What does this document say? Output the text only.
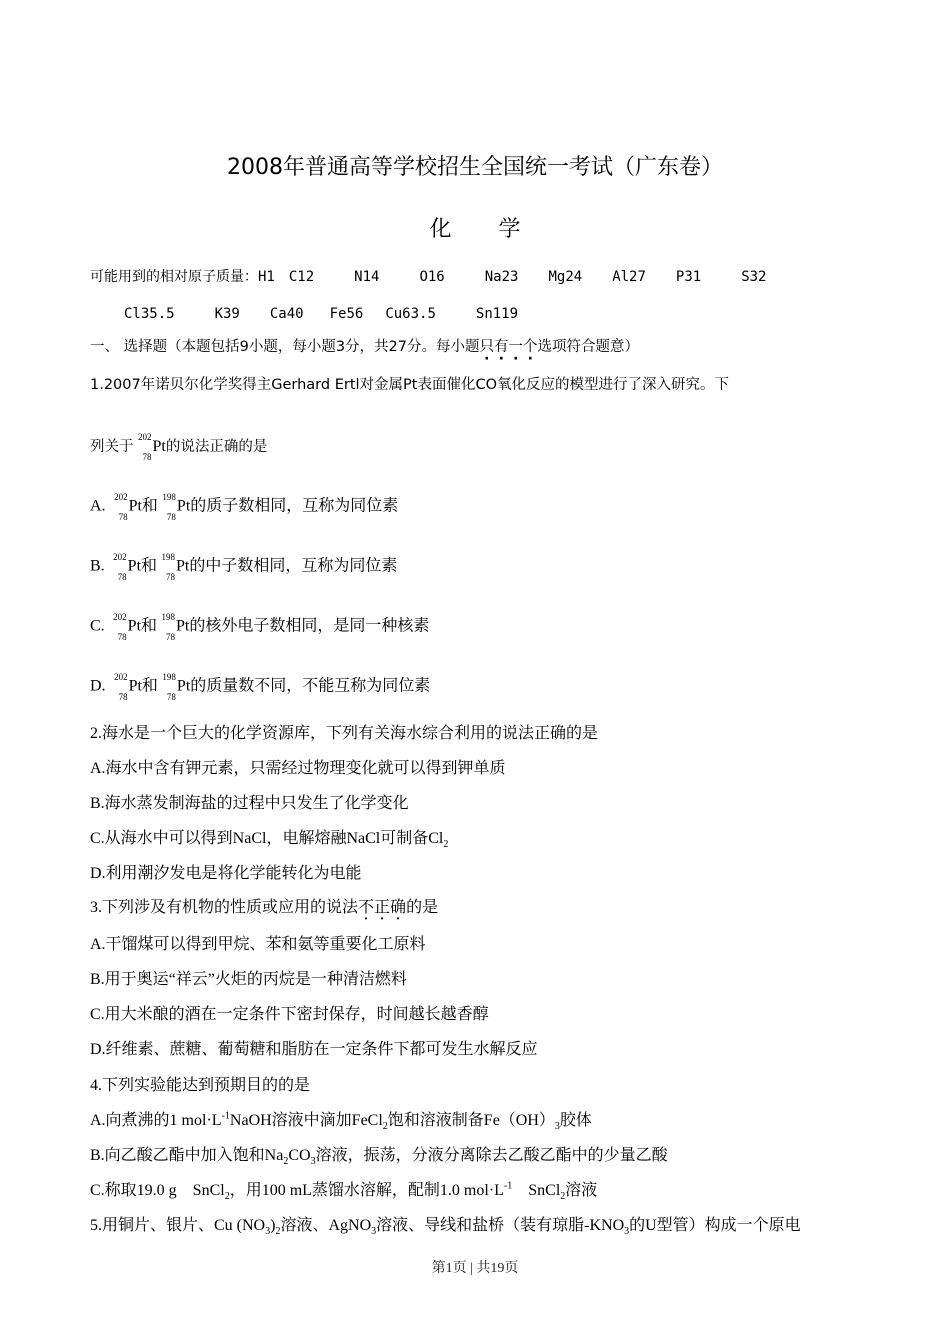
2008年普通高等学校招生全国统一考试（广东卷）
化 学
可能用到的相对原子质量：H1 C12	N14	O16	Na23 Mg24 Al27 P31	S32
Cl35.5	K39 Ca40 Fe56 Cu63.5	Sn119
一、 选择题（本题包括9小题，每小题3分，共27分。每小题只有一个选项符合题意）
1.2007年诺贝尔化学奖得主Gerhard Ertl对金属Pt表面催化CO氧化反应的模型进行了深入研究。下
列关于
202
78
Pt的说法正确的是
A.
202
78
Pt和
198
78
Pt的质子数相同，互称为同位素
B.
202
78
Pt和
198
78
Pt的中子数相同，互称为同位素
C.
202
78
Pt和
198
78
Pt的核外电子数相同，是同一种核素
D.
202
78
Pt和
198
78
Pt的质量数不同，不能互称为同位素
2.海水是一个巨大的化学资源库，下列有关海水综合利用的说法正确的是
A.海水中含有钾元素，只需经过物理变化就可以得到钾单质
B.海水蒸发制海盐的过程中只发生了化学变化
C.从海水中可以得到NaCl，电解熔融NaCl可制备$Cl_2$
D.利用潮汐发电是将化学能转化为电能
3.下列涉及有机物的性质或应用的说法不正确的是
A.干馏煤可以得到甲烷、苯和氨等重要化工原料
B.用于奥运“祥云”火炬的丙烷是一种清洁燃料
C.用大米酿的酒在一定条件下密封保存，时间越长越香醇
D.纤维素、蔗糖、葡萄糖和脂肪在一定条件下都可发生水解反应
4.下列实验能达到预期目的的是
A.向煮沸的1 $mol\cdot L^{-1}NaOH$溶液中滴加FeCl$_2$饱和溶液制备$Fe(OH)_3$胶体
B.向乙酸乙酯中加入饱和$Na_2CO_3$溶液，振荡，分液分离除去乙酸乙酯中的少量乙酸
C.称取19.0 g    SnCl$_2$，用100 mL蒸馏水溶解，配制1.0 $mol\cdot L^{-1}$    SnCl$_2$溶液
5.用铜片、银片、Cu $(NO_3)_2$溶液、AgNO$_3$溶液、导线和盐桥（装有琼脂$-KNO_3$的U型管）构成一个原电
第1页 | 共19页
